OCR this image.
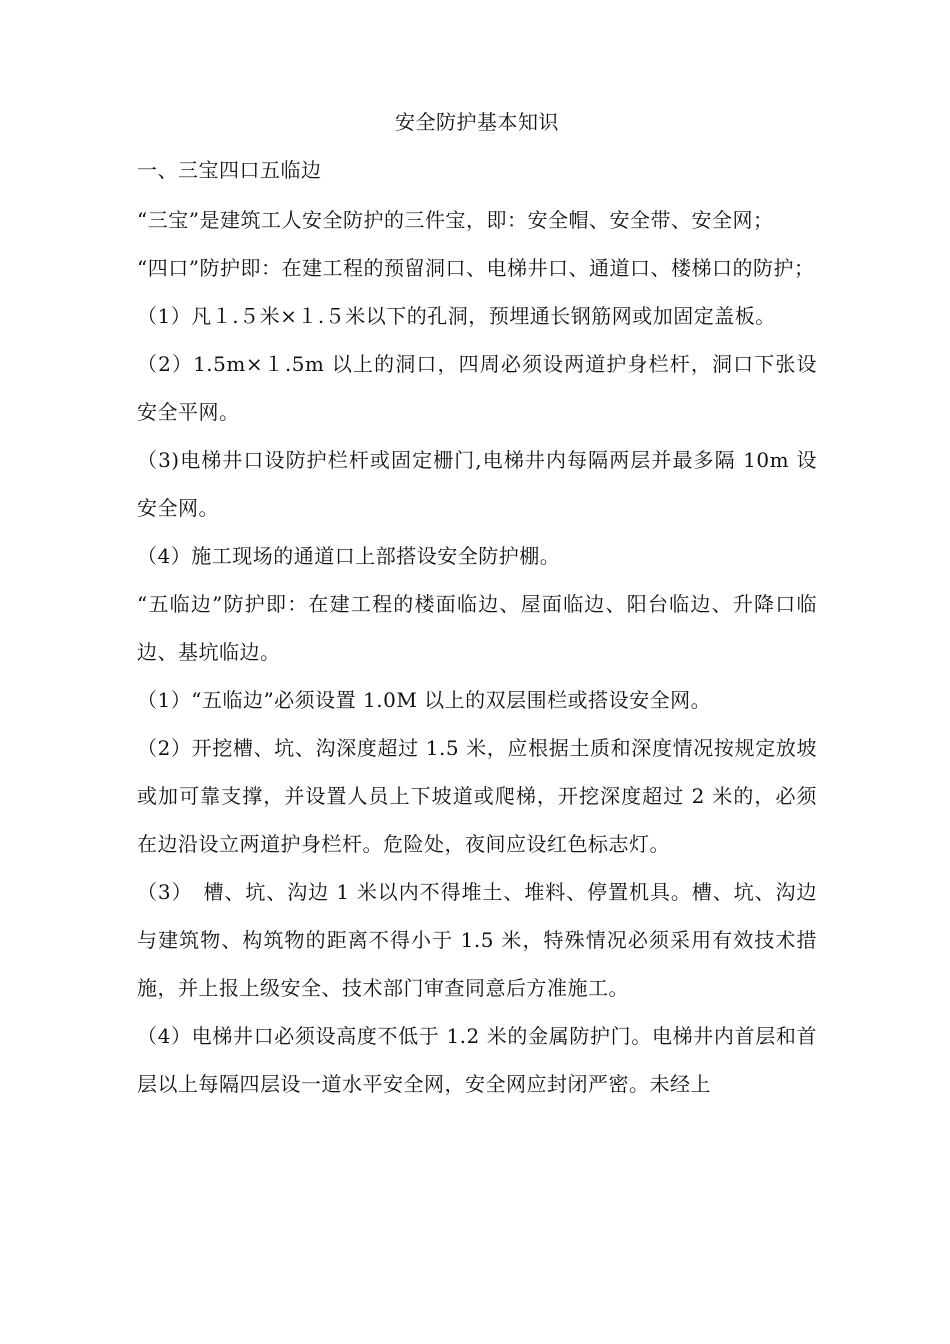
安全防护基本知识

一、三宝四口五临边

“三宝”是建筑工人安全防护的三件宝，即：安全帽、安全带、安全网；

“四口”防护即：在建工程的预留洞口、电梯井口、通道口、楼梯口的防护；

（1）凡１.５米×１.５米以下的孔洞，预埋通长钢筋网或加固定盖板。

（2）1.5m×１.5m 以上的洞口，四周必须设两道护身栏杆，洞口下张设安全平网。

（3)电梯井口设防护栏杆或固定栅门,电梯井内每隔两层并最多隔 10m 设安全网。

（4）施工现场的通道口上部搭设安全防护棚。

“五临边”防护即：在建工程的楼面临边、屋面临边、阳台临边、升降口临边、基坑临边。

（1）“五临边”必须设置 1.0M 以上的双层围栏或搭设安全网。

（2）开挖槽、坑、沟深度超过 1.5 米，应根据土质和深度情况按规定放坡或加可靠支撑，并设置人员上下坡道或爬梯，开挖深度超过 2 米的，必须在边沿设立两道护身栏杆。危险处，夜间应设红色标志灯。

（3）　槽、坑、沟边 1 米以内不得堆土、堆料、停置机具。槽、坑、沟边与建筑物、构筑物的距离不得小于 1.5 米，特殊情况必须采用有效技术措施，并上报上级安全、技术部门审查同意后方准施工。

（4）电梯井口必须设高度不低于 1.2 米的金属防护门。电梯井内首层和首层以上每隔四层设一道水平安全网，安全网应封闭严密。未经上
